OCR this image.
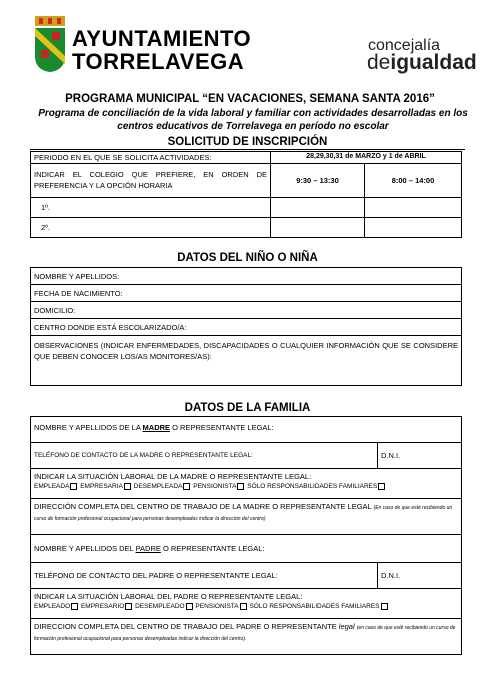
AYUNTAMIENTO
TORRELAVEGA
concejalía
deigualdad
PROGRAMA MUNICIPAL “EN VACACIONES, SEMANA SANTA 2016”
Programa de conciliación de la vida laboral y familiar con actividades desarrolladas en los centros educativos de Torrelavega en período no escolar
SOLICITUD DE INSCRIPCIÓN
PERIODO EN EL QUE SE SOLICITA ACTIVIDADES:	28,29,30,31 de MARZO y 1 de ABRIL	
INDICAR EL COLEGIO QUE PREFIERE, EN ORDEN DE PREFERENCIA Y LA OPCIÓN HORARIA	9:30 – 13:30	8:00 – 14:00
1º.		
2º.		
DATOS DEL NIÑO O NIÑA
NOMBRE Y APELLIDOS:
FECHA DE NACIMIENTO:
DOMICILIO:
CENTRO DONDE ESTÁ ESCOLARIZADO/A:
OBSERVACIONES (INDICAR ENFERMEDADES, DISCAPACIDADES O CUALQUIER INFORMACIÓN QUE SE CONSIDERE QUE DEBEN CONOCER LOS/AS MONITORES/AS):
DATOS DE LA FAMILIA
NOMBRE Y APELLIDOS DE LA MADRE O REPRESENTANTE LEGAL:	
TELÉFONO DE CONTACTO DE LA MADRE O REPRESENTANTE LEGAL:	D.N.I.

INDICAR LA SITUACIÓN LABORAL DE LA MADRE O REPRESENTANTE LEGAL:
EMPLEADA EMPRESARIA DESEMPLEADA PENSIONISTA SÓLO RESPONSABILIDADES FAMILIARES	

DIRECCIÓN COMPLETA DEL CENTRO DE TRABAJO DE LA MADRE O REPRESENTANTE LEGAL (En caso de que esté recibiendo un curso de formación profesional ocupacional para personas desempleadas indicar la dirección del centro)	
NOMBRE Y APELLIDOS DEL PADRE O REPRESENTANTE LEGAL:	
TELÉFONO DE CONTACTO DEL PADRE O REPRESENTANTE LEGAL:	D.N.I.

INDICAR LA SITUACIÓN LABORAL DEL PADRE O REPRESENTANTE LEGAL:
EMPLEADO EMPRESARIO DESEMPLEADO PENSIONISTA SÓLO RESPONSABILIDADES FAMILIARES	

DIRECCION COMPLETA DEL CENTRO DE TRABAJO DEL PADRE O REPRESENTANTE legal (en caso de que esté recibiendo un curso de formación profesional ocupacional para personas desempleadas indicar la dirección del centro).	
